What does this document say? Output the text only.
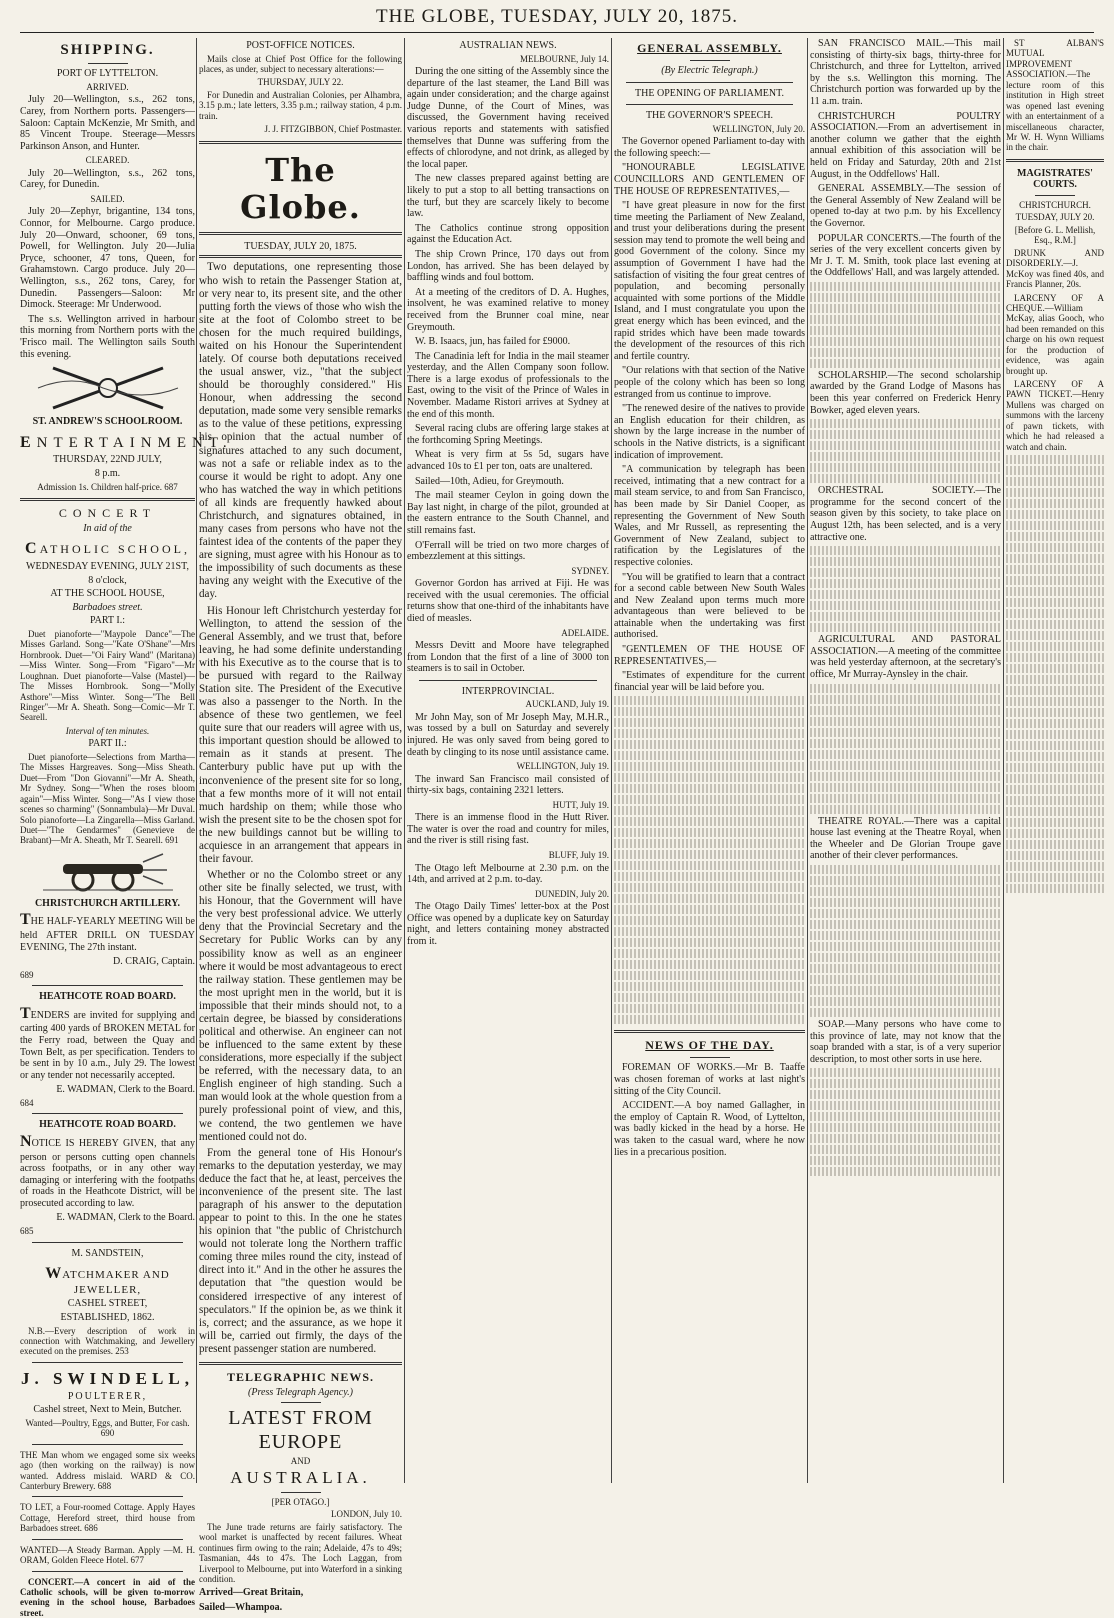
THE GLOBE, TUESDAY, JULY 20, 1875.
SHIPPING.
PORT OF LYTTELTON.
ARRIVED.

July 20—Wellington, s.s., 262 tons, Carey, from Northern ports. Passengers—Saloon: Captain McKenzie, Mr Smith, and 85 Vincent Troupe. Steerage—Messrs Parkinson Anson, and Hunter.

CLEARED.

July 20—Wellington, s.s., 262 tons, Carey, for Dunedin.

SAILED.

July 20—Zephyr, brigantine, 134 tons, Connor, for Melbourne. Cargo produce. July 20—Onward, schooner, 69 tons, Powell, for Wellington. July 20—Julia Pryce, schooner, 47 tons, Queen, for Grahamstown. Cargo produce. July 20—Wellington, s.s., 262 tons, Carey, for Dunedin. Passengers—Saloon: Mr Dimock. Steerage: Mr Underwood.

The s.s. Wellington arrived in harbour this morning from Northern ports with the 'Frisco mail. The Wellington sails South this evening.

ST. ANDREW'S SCHOOLROOM.
ENTERTAINMENT.
THURSDAY, 22ND JULY,
8 p.m.
Admission 1s. Children half-price. 687
CONCERT
In aid of the
CATHOLIC SCHOOL,
WEDNESDAY EVENING, JULY 21ST,
8 o'clock,
AT THE SCHOOL HOUSE,
Barbadoes street.
PART I.:

Duet pianoforte—"Maypole Dance"—The Misses Garland. Song—"Kate O'Shane"—Mrs Hornbrook. Duet—"Oi Fairy Wand" (Maritana)—Miss Winter. Song—From "Figaro"—Mr Loughnan. Duet pianoforte—Valse (Mastel)—The Misses Hornbrook. Song—"Molly Asthore"—Miss Winter. Song—"The Bell Ringer"—Mr A. Sheath. Song—Comic—Mr T. Searell.

Interval of ten minutes.
PART II.:

Duet pianoforte—Selections from Martha—The Misses Hargreaves. Song—Miss Sheath. Duet—From "Don Giovanni"—Mr A. Sheath, Mr Sydney. Song—"When the roses bloom again"—Miss Winter. Song—"As I view those scenes so charming" (Sonnambula)—Mr Duval. Solo pianoforte—La Zingarella—Miss Garland. Duet—"The Gendarmes" (Genevieve de Brabant)—Mr A. Sheath, Mr T. Searell. 691

CHRISTCHURCH ARTILLERY.

THE HALF-YEARLY MEETING Will be held AFTER DRILL ON TUESDAY EVENING, The 27th instant.

D. CRAIG, Captain.
689
HEATHCOTE ROAD BOARD.

TENDERS are invited for supplying and carting 400 yards of BROKEN METAL for the Ferry road, between the Quay and Town Belt, as per specification. Tenders to be sent in by 10 a.m., July 29. The lowest or any tender not necessarily accepted.

E. WADMAN, Clerk to the Board.
684
HEATHCOTE ROAD BOARD.

NOTICE IS HEREBY GIVEN, that any person or persons cutting open channels across footpaths, or in any other way damaging or interfering with the footpaths of roads in the Heathcote District, will be prosecuted according to law.

E. WADMAN, Clerk to the Board.
685
M. SANDSTEIN,
WATCHMAKER AND JEWELLER,
CASHEL STREET,
ESTABLISHED, 1862.

N.B.—Every description of work in connection with Watchmaking, and Jewellery executed on the premises. 253

J. SWINDELL,
POULTERER,
Cashel street, Next to Mein, Butcher.
Wanted—Poultry, Eggs, and Butter, For cash. 690

THE Man whom we engaged some six weeks ago (then working on the railway) is now wanted. Address mislaid. WARD & CO. Canterbury Brewery. 688

TO LET, a Four-roomed Cottage. Apply Hayes Cottage, Hereford street, third house from Barbadoes street. 686

WANTED—A Steady Barman. Apply —M. H. ORAM, Golden Fleece Hotel. 677

CONCERT.—A concert in aid of the Catholic schools, will be given to-morrow evening in the school house, Barbadoes street.

POST-OFFICE NOTICES.

Mails close at Chief Post Office for the following places, as under, subject to necessary alterations:—

THURSDAY, JULY 22.

For Dunedin and Australian Colonies, per Alhambra, 3.15 p.m.; late letters, 3.35 p.m.; railway station, 4 p.m. train.

J. J. FITZGIBBON, Chief Postmaster.
The Globe.
TUESDAY, JULY 20, 1875.

Two deputations, one representing those who wish to retain the Passenger Station at, or very near to, its present site, and the other putting forth the views of those who wish the site at the foot of Colombo street to be chosen for the much required buildings, waited on his Honour the Superintendent lately. Of course both deputations received the usual answer, viz., "that the subject should be thoroughly considered." His Honour, when addressing the second deputation, made some very sensible remarks as to the value of these petitions, expressing his opinion that the actual number of signatures attached to any such document, was not a safe or reliable index as to the course it would be right to adopt. Any one who has watched the way in which petitions of all kinds are frequently hawked about Christchurch, and signatures obtained, in many cases from persons who have not the faintest idea of the contents of the paper they are signing, must agree with his Honour as to the impossibility of such documents as these having any weight with the Executive of the day.

His Honour left Christchurch yesterday for Wellington, to attend the session of the General Assembly, and we trust that, before leaving, he had some definite understanding with his Executive as to the course that is to be pursued with regard to the Railway Station site. The President of the Executive was also a passenger to the North. In the absence of these two gentlemen, we feel quite sure that our readers will agree with us, this important question should be allowed to remain as it stands at present. The Canterbury public have put up with the inconvenience of the present site for so long, that a few months more of it will not entail much hardship on them; while those who wish the present site to be the chosen spot for the new buildings cannot but be willing to acquiesce in an arrangement that appears in their favour.

Whether or no the Colombo street or any other site be finally selected, we trust, with his Honour, that the Government will have the very best professional advice. We utterly deny that the Provincial Secretary and the Secretary for Public Works can by any possibility know as well as an engineer where it would be most advantageous to erect the railway station. These gentlemen may be the most upright men in the world, but it is impossible that their minds should not, to a certain degree, be biassed by considerations political and otherwise. An engineer can not be influenced to the same extent by these considerations, more especially if the subject be referred, with the necessary data, to an English engineer of high standing. Such a man would look at the whole question from a purely professional point of view, and this, we contend, the two gentlemen we have mentioned could not do.

From the general tone of His Honour's remarks to the deputation yesterday, we may deduce the fact that he, at least, perceives the inconvenience of the present site. The last paragraph of his answer to the deputation appear to point to this. In the one he states his opinion that "the public of Christchurch would not tolerate long the Northern traffic coming three miles round the city, instead of direct into it." And in the other he assures the deputation that "the question would be considered irrespective of any interest of speculators." If the opinion be, as we think it is, correct; and the assurance, as we hope it will be, carried out firmly, the days of the present passenger station are numbered.

TELEGRAPHIC NEWS.
(Press Telegraph Agency.)
LATEST FROM EUROPE
AND
AUSTRALIA.
[PER OTAGO.]
LONDON, July 10.

The June trade returns are fairly satisfactory. The wool market is unaffected by recent failures. Wheat continues firm owing to the rain; Adelaide, 47s to 49s; Tasmanian, 44s to 47s. The Loch Laggan, from Liverpool to Melbourne, put into Waterford in a sinking condition.

Arrived—Great Britain,

Sailed—Whampoa.

AUSTRALIAN NEWS.
MELBOURNE, July 14.

During the one sitting of the Assembly since the departure of the last steamer, the Land Bill was again under consideration; and the charge against Judge Dunne, of the Court of Mines, was discussed, the Government having received various reports and statements with satisfied themselves that Dunne was suffering from the effects of chlorodyne, and not drink, as alleged by the local paper.

The new classes prepared against betting are likely to put a stop to all betting transactions on the turf, but they are scarcely likely to become law.

The Catholics continue strong opposition against the Education Act.

The ship Crown Prince, 170 days out from London, has arrived. She has been delayed by baffling winds and foul bottom.

At a meeting of the creditors of D. A. Hughes, insolvent, he was examined relative to money received from the Brunner coal mine, near Greymouth.

W. B. Isaacs, jun, has failed for £9000.

The Canadinia left for India in the mail steamer yesterday, and the Allen Company soon follow. There is a large exodus of professionals to the East, owing to the visit of the Prince of Wales in November. Madame Ristori arrives at Sydney at the end of this month.

Several racing clubs are offering large stakes at the forthcoming Spring Meetings.

Wheat is very firm at 5s 5d, sugars have advanced 10s to £1 per ton, oats are unaltered.

Sailed—10th, Adieu, for Greymouth.

The mail steamer Ceylon in going down the Bay last night, in charge of the pilot, grounded at the eastern entrance to the South Channel, and still remains fast.

O'Ferrall will be tried on two more charges of embezzlement at this sittings.

SYDNEY.

Governor Gordon has arrived at Fiji. He was received with the usual ceremonies. The official returns show that one-third of the inhabitants have died of measles.

ADELAIDE.

Messrs Devitt and Moore have telegraphed from London that the first of a line of 3000 ton steamers is to sail in October.

INTERPROVINCIAL.
AUCKLAND, July 19.

Mr John May, son of Mr Joseph May, M.H.R., was tossed by a bull on Saturday and severely injured. He was only saved from being gored to death by clinging to its nose until assistance came.

WELLINGTON, July 19.

The inward San Francisco mail consisted of thirty-six bags, containing 2321 letters.

HUTT, July 19.

There is an immense flood in the Hutt River. The water is over the road and country for miles, and the river is still rising fast.

BLUFF, July 19.

The Otago left Melbourne at 2.30 p.m. on the 14th, and arrived at 2 p.m. to-day.

DUNEDIN, July 20.

The Otago Daily Times' letter-box at the Post Office was opened by a duplicate key on Saturday night, and letters containing money abstracted from it.

GENERAL ASSEMBLY.
(By Electric Telegraph.)
THE OPENING OF PARLIAMENT.
THE GOVERNOR'S SPEECH.
WELLINGTON, July 20.

The Governor opened Parliament to-day with the following speech:—

"HONOURABLE LEGISLATIVE COUNCILLORS AND GENTLEMEN OF THE HOUSE OF REPRESENTATIVES,—

"I have great pleasure in now for the first time meeting the Parliament of New Zealand, and trust your deliberations during the present session may tend to promote the well being and good Government of the colony. Since my assumption of Government I have had the satisfaction of visiting the four great centres of population, and becoming personally acquainted with some portions of the Middle Island, and I must congratulate you upon the great energy which has been evinced, and the rapid strides which have been made towards the development of the resources of this rich and fertile country.

"Our relations with that section of the Native people of the colony which has been so long estranged from us continue to improve.

"The renewed desire of the natives to provide an English education for their children, as shown by the large increase in the number of schools in the Native districts, is a significant indication of improvement.

"A communication by telegraph has been received, intimating that a new contract for a mail steam service, to and from San Francisco, has been made by Sir Daniel Cooper, as representing the Government of New South Wales, and Mr Russell, as representing the Government of New Zealand, subject to ratification by the Legislatures of the respective colonies.

"You will be gratified to learn that a contract for a second cable between New South Wales and New Zealand upon terms much more advantageous than were believed to be attainable when the undertaking was first authorised.

"GENTLEMEN OF THE HOUSE OF REPRESENTATIVES,—

"Estimates of expenditure for the current financial year will be laid before you.

NEWS OF THE DAY.

FOREMAN OF WORKS.—Mr B. Taaffe was chosen foreman of works at last night's sitting of the City Council.

ACCIDENT.—A boy named Gallagher, in the employ of Captain R. Wood, of Lyttelton, was badly kicked in the head by a horse. He was taken to the casual ward, where he now lies in a precarious position.

SAN FRANCISCO MAIL.—This mail consisting of thirty-six bags, thirty-three for Christchurch, and three for Lyttelton, arrived by the s.s. Wellington this morning. The Christchurch portion was forwarded up by the 11 a.m. train.

CHRISTCHURCH POULTRY ASSOCIATION.—From an advertisement in another column we gather that the eighth annual exhibition of this association will be held on Friday and Saturday, 20th and 21st August, in the Oddfellows' Hall.

GENERAL ASSEMBLY.—The session of the General Assembly of New Zealand will be opened to-day at two p.m. by his Excellency the Governor.

POPULAR CONCERTS.—The fourth of the series of the very excellent concerts given by Mr J. T. M. Smith, took place last evening at the Oddfellows' Hall, and was largely attended.

SCHOLARSHIP.—The second scholarship awarded by the Grand Lodge of Masons has been this year conferred on Frederick Henry Bowker, aged eleven years.

ORCHESTRAL SOCIETY.—The programme for the second concert of the season given by this society, to take place on August 12th, has been selected, and is a very attractive one.

AGRICULTURAL AND PASTORAL ASSOCIATION.—A meeting of the committee was held yesterday afternoon, at the secretary's office, Mr Murray-Aynsley in the chair.

THEATRE ROYAL.—There was a capital house last evening at the Theatre Royal, when the Wheeler and De Glorian Troupe gave another of their clever performances.

SOAP.—Many persons who have come to this province of late, may not know that the soap branded with a star, is of a very superior description, to most other sorts in use here.

ST ALBAN'S MUTUAL IMPROVEMENT ASSOCIATION.—The lecture room of this institution in High street was opened last evening with an entertainment of a miscellaneous character, Mr W. H. Wynn Williams in the chair.

MAGISTRATES' COURTS.
CHRISTCHURCH.
TUESDAY, JULY 20.
[Before G. L. Mellish, Esq., R.M.]

DRUNK AND DISORDERLY.—J. McKoy was fined 40s, and Francis Planner, 20s.

LARCENY OF A CHEQUE.—William McKay, alias Gooch, who had been remanded on this charge on his own request for the production of evidence, was again brought up.

LARCENY OF A PAWN TICKET.—Henry Mullens was charged on summons with the larceny of pawn tickets, with which he had released a watch and chain.
